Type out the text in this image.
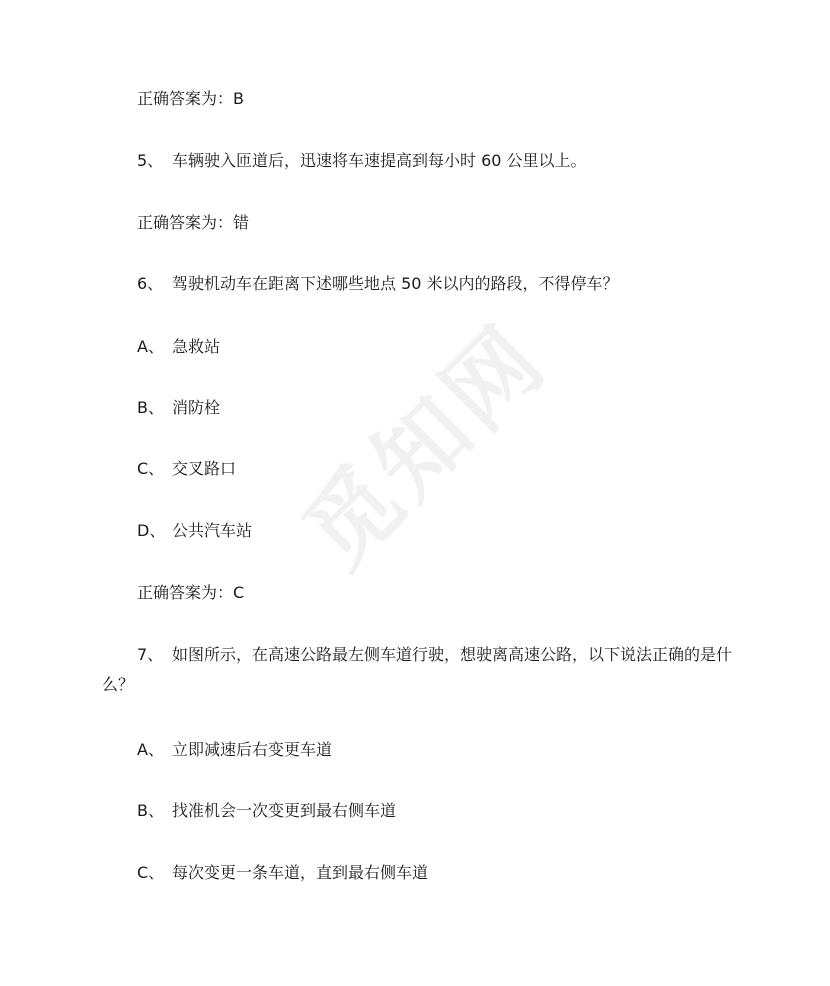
觅知网
正确答案为：B
5、 车辆驶入匝道后，迅速将车速提高到每小时 60 公里以上。
正确答案为：错
6、 驾驶机动车在距离下述哪些地点 50 米以内的路段，不得停车？
A、 急救站
B、 消防栓
C、 交叉路口
D、 公共汽车站
正确答案为：C
7、 如图所示，在高速公路最左侧车道行驶，想驶离高速公路，以下说法正确的是什么？
A、 立即减速后右变更车道
B、 找准机会一次变更到最右侧车道
C、 每次变更一条车道，直到最右侧车道
